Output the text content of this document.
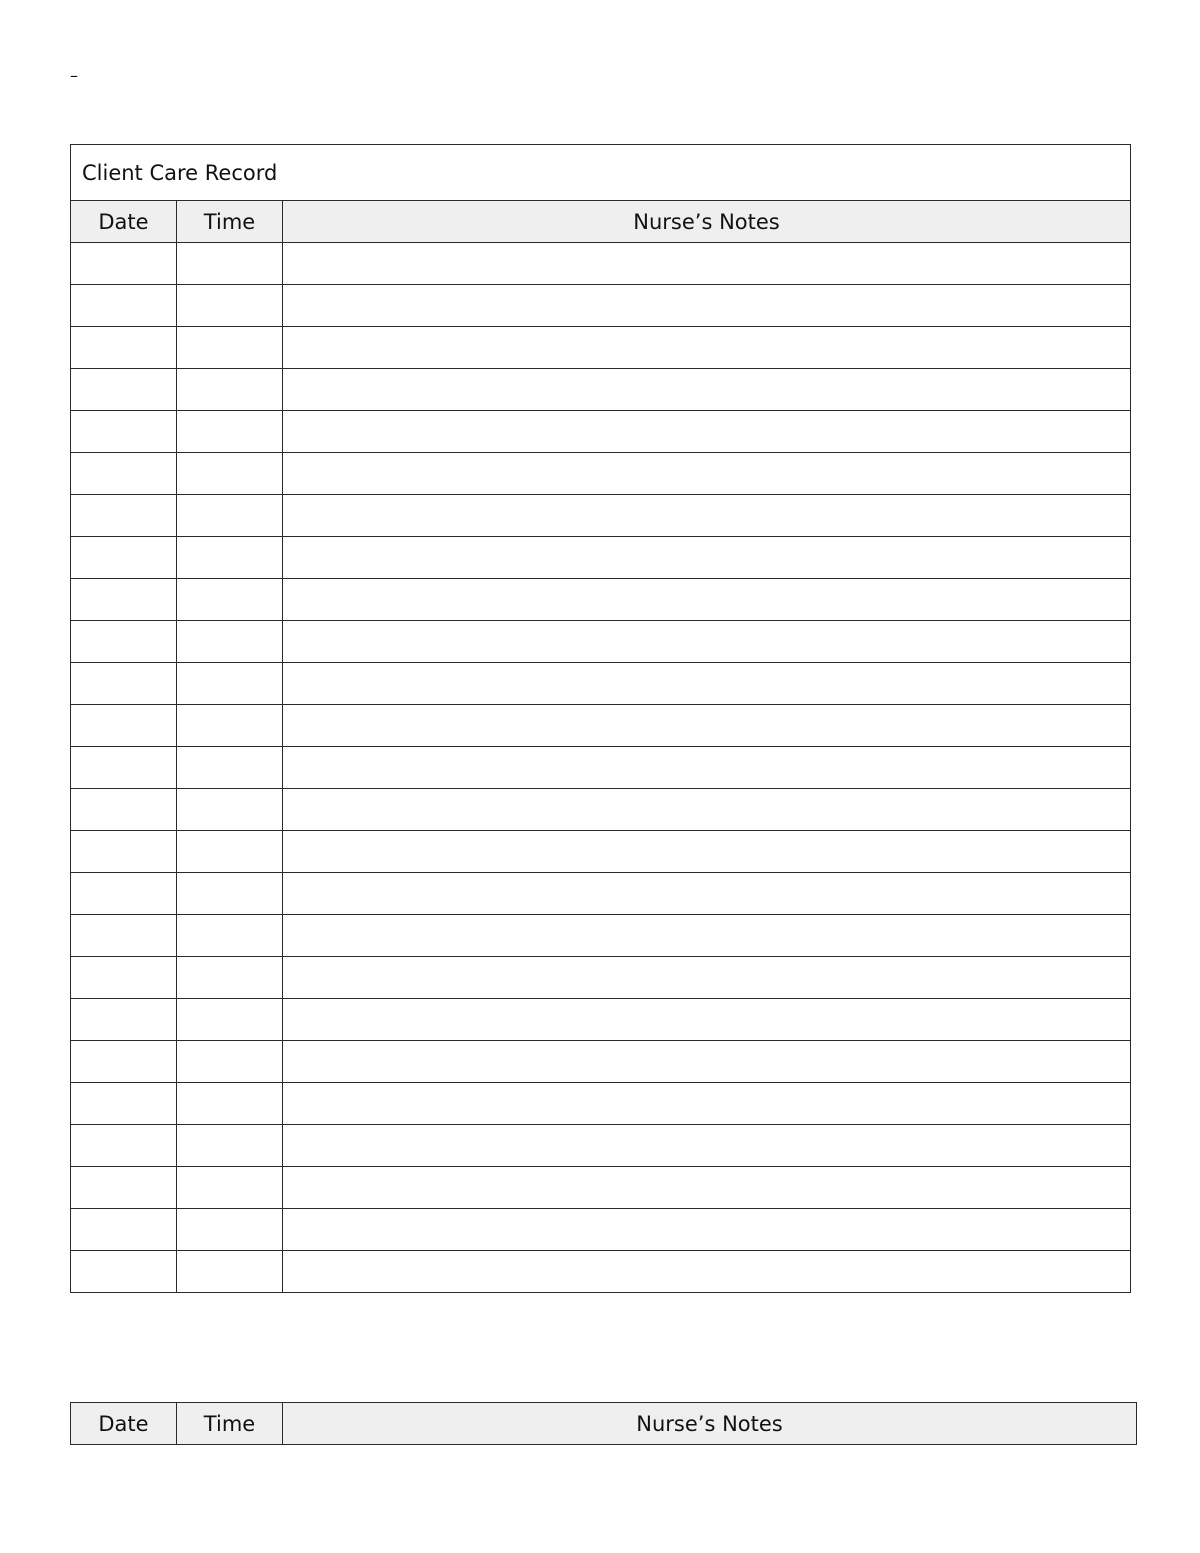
–
Client Care Record		
Date	Time	Nurse’s Notes

Date	Time	Nurse’s Notes
